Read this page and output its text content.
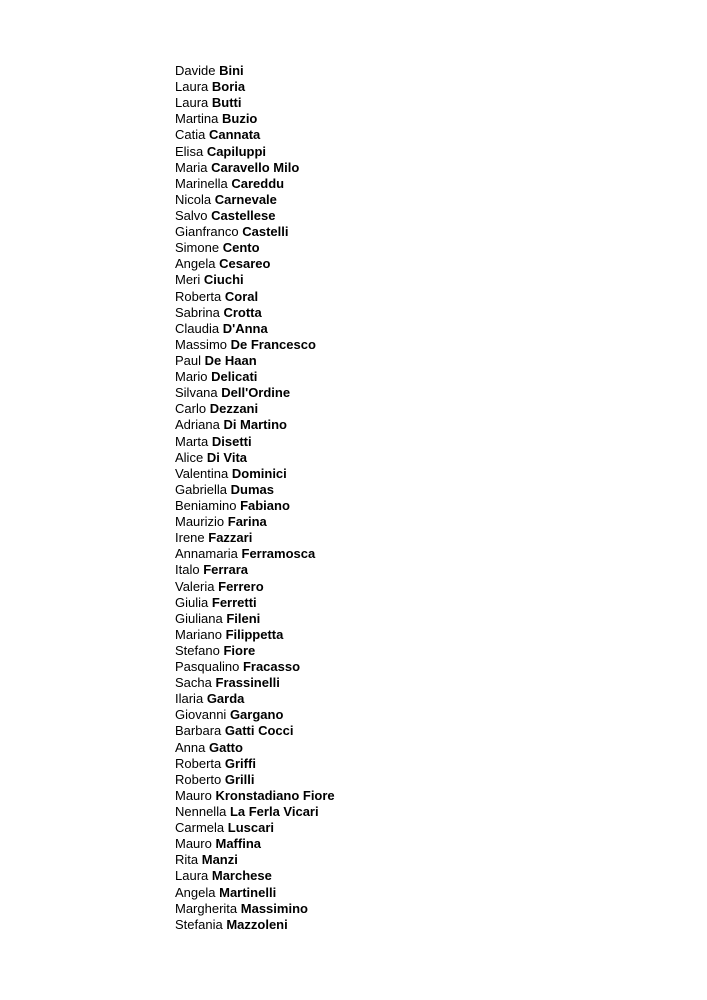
Davide Bini
Laura Boria
Laura Butti
Martina Buzio
Catia Cannata
Elisa Capiluppi
Maria Caravello Milo
Marinella Careddu
Nicola Carnevale
Salvo Castellese
Gianfranco Castelli
Simone Cento
Angela Cesareo
Meri Ciuchi
Roberta Coral
Sabrina Crotta
Claudia D'Anna
Massimo De Francesco
Paul De Haan
Mario Delicati
Silvana Dell'Ordine
Carlo Dezzani
Adriana Di Martino
Marta Disetti
Alice Di Vita
Valentina Dominici
Gabriella Dumas
Beniamino Fabiano
Maurizio Farina
Irene Fazzari
Annamaria Ferramosca
Italo Ferrara
Valeria Ferrero
Giulia Ferretti
Giuliana Fileni
Mariano Filippetta
Stefano Fiore
Pasqualino Fracasso
Sacha Frassinelli
Ilaria Garda
Giovanni Gargano
Barbara Gatti Cocci
Anna Gatto
Roberta Griffi
Roberto Grilli
Mauro Kronstadiano Fiore
Nennella La Ferla Vicari
Carmela Luscari
Mauro Maffina
Rita Manzi
Laura Marchese
Angela Martinelli
Margherita Massimino
Stefania Mazzoleni
